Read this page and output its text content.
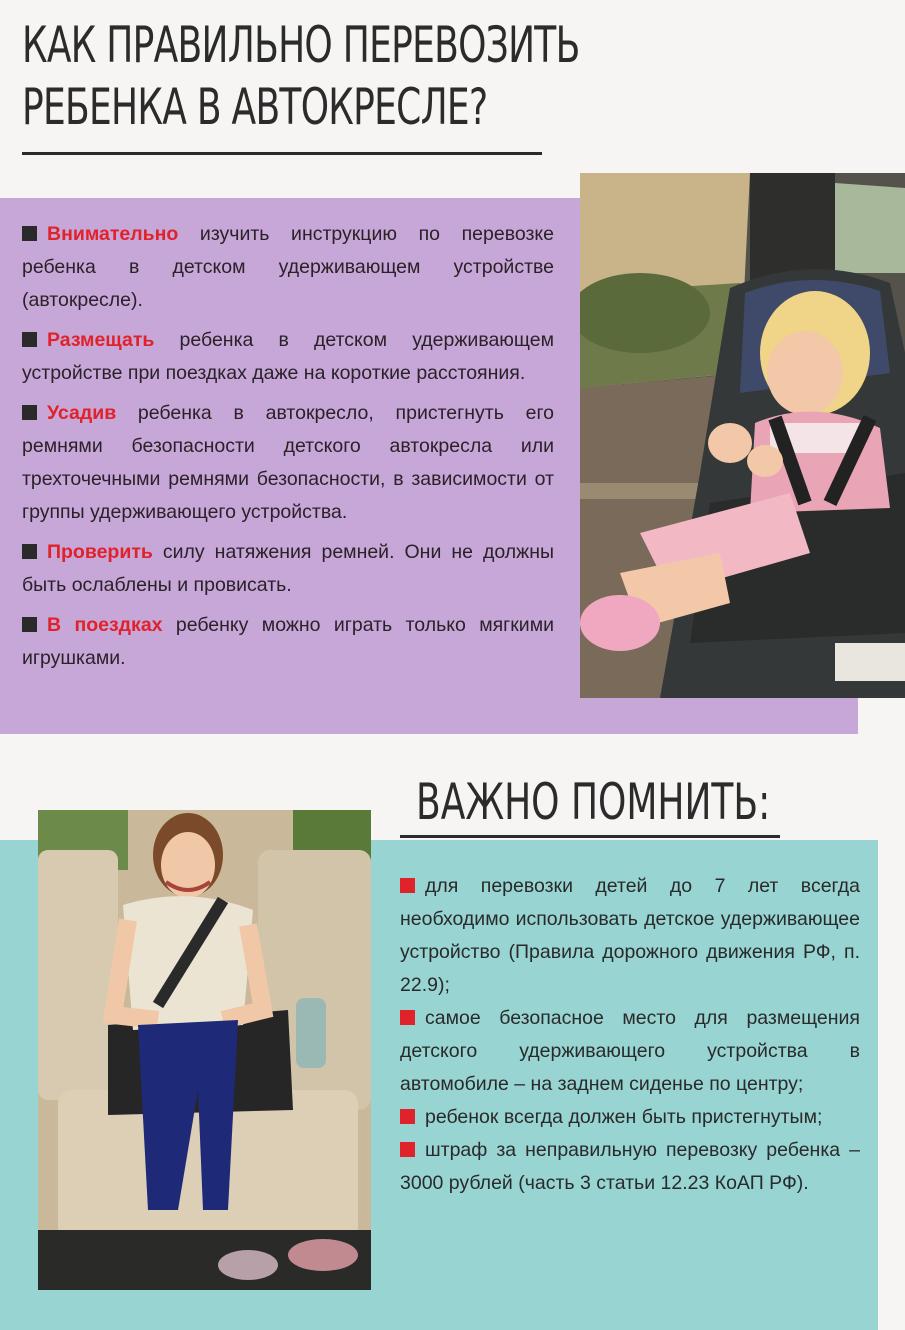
КАК ПРАВИЛЬНО ПЕРЕВОЗИТЬ
РЕБЕНКА В АВТОКРЕСЛЕ?

Внимательно изучить инструкцию по перевозке ребенка в детском удерживающем устройстве (автокресле).

Размещать ребенка в детском удерживающем устройстве при поездках даже на короткие расстояния.

Усадив ребенка в автокресло, пристегнуть его ремнями безопасности детского автокресла или трехточечными ремнями безопасности, в зависимости от группы удерживающего устройства.

Проверить силу натяжения ремней. Они не должны быть ослаблены и провисать.

В поездках ребенку можно играть только мягкими игрушками.

ВАЖНО ПОМНИТЬ:

для перевозки детей до 7 лет всегда необходимо использовать детское удерживающее устройство (Правила дорожного движения РФ, п. 22.9);

самое безопасное место для размещения детского удерживающего устройства в автомобиле – на заднем сиденье по центру;

ребенок всегда должен быть пристегнутым;

штраф за неправильную перевозку ребенка – 3000 рублей (часть 3 статьи 12.23 КоАП РФ).
